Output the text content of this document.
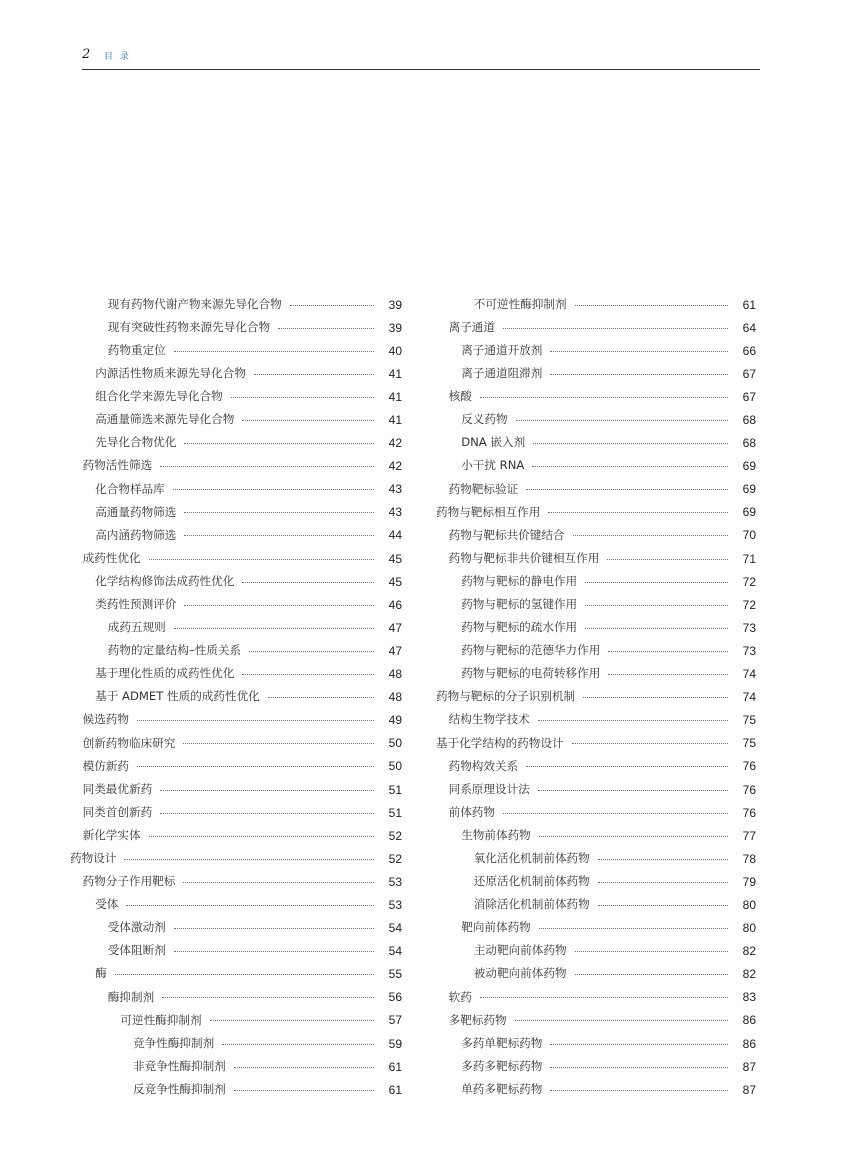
2 目 录
现有药物代谢产物来源先导化合物	39
现有突破性药物来源先导化合物	39
药物重定位	40
内源活性物质来源先导化合物	41
组合化学来源先导化合物	41
高通量筛选来源先导化合物	41
先导化合物优化	42
药物活性筛选	42
化合物样品库	43
高通量药物筛选	43
高内涵药物筛选	44
成药性优化	45
化学结构修饰法成药性优化	45
类药性预测评价	46
成药五规则	47
药物的定量结构–性质关系	47
基于理化性质的成药性优化	48
基于 ADMET 性质的成药性优化	48
候选药物	49
创新药物临床研究	50
模仿新药	50
同类最优新药	51
同类首创新药	51
新化学实体	52
药物设计	52
药物分子作用靶标	53
受体	53
受体激动剂	54
受体阻断剂	54
酶	55
酶抑制剂	56
可逆性酶抑制剂	57
竞争性酶抑制剂	59
非竞争性酶抑制剂	61
反竞争性酶抑制剂	61
不可逆性酶抑制剂	61
离子通道	64
离子通道开放剂	66
离子通道阻滞剂	67
核酸	67
反义药物	68
DNA 嵌入剂	68
小干扰 RNA	69
药物靶标验证	69
药物与靶标相互作用	69
药物与靶标共价键结合	70
药物与靶标非共价键相互作用	71
药物与靶标的静电作用	72
药物与靶标的氢键作用	72
药物与靶标的疏水作用	73
药物与靶标的范德华力作用	73
药物与靶标的电荷转移作用	74
药物与靶标的分子识别机制	74
结构生物学技术	75
基于化学结构的药物设计	75
药物构效关系	76
同系原理设计法	76
前体药物	76
生物前体药物	77
氧化活化机制前体药物	78
还原活化机制前体药物	79
消除活化机制前体药物	80
靶向前体药物	80
主动靶向前体药物	82
被动靶向前体药物	82
软药	83
多靶标药物	86
多药单靶标药物	86
多药多靶标药物	87
单药多靶标药物	87
